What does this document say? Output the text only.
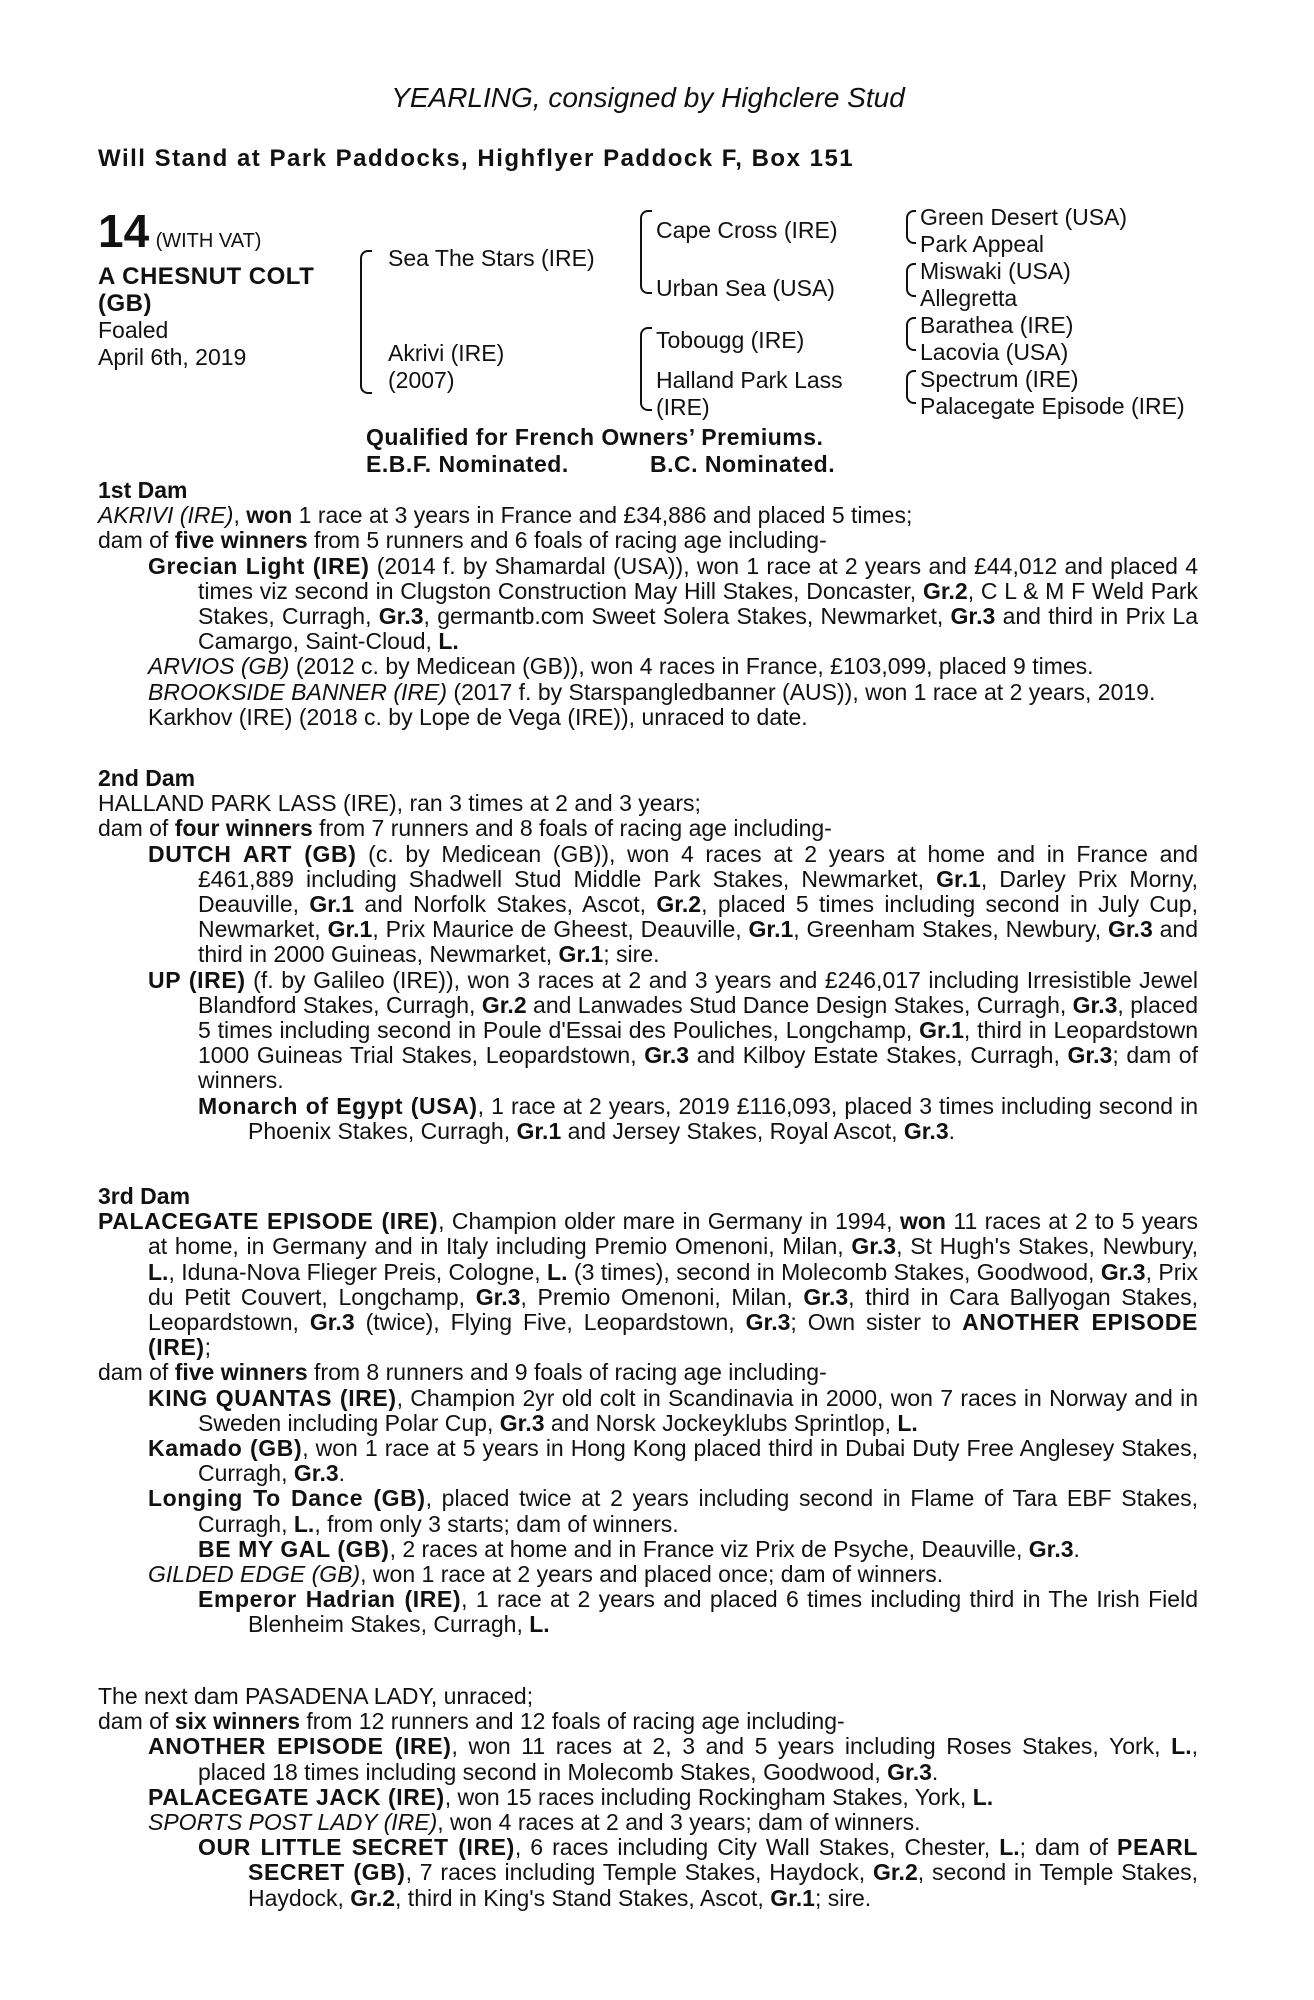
YEARLING, consigned by Highclere Stud
Will Stand at Park Paddocks, Highflyer Paddock F, Box 151
14 (WITH VAT)
A CHESNUT COLT
(GB)
Foaled
April 6th, 2019
Sea The Stars (IRE)
Akrivi (IRE)
(2007)
Cape Cross (IRE)
Urban Sea (USA)
Tobougg (IRE)
Halland Park Lass
(IRE)
Green Desert (USA)
Park Appeal
Miswaki (USA)
Allegretta
Barathea (IRE)
Lacovia (USA)
Spectrum (IRE)
Palacegate Episode (IRE)
Qualified for French Owners’ Premiums.
E.B.F. Nominated.	B.C. Nominated.

1st Dam

AKRIVI (IRE), won 1 race at 3 years in France and £34,886 and placed 5 times;

dam of five winners from 5 runners and 6 foals of racing age including-

Grecian Light (IRE) (2014 f. by Shamardal (USA)), won 1 race at 2 years and £44,012 and placed 4 times viz second in Clugston Construction May Hill Stakes, Doncaster, Gr.2, C L & M F Weld Park Stakes, Curragh, Gr.3, germantb.com Sweet Solera Stakes, Newmarket, Gr.3 and third in Prix La Camargo, Saint-Cloud, L.

ARVIOS (GB) (2012 c. by Medicean (GB)), won 4 races in France, £103,099, placed 9 times.

BROOKSIDE BANNER (IRE) (2017 f. by Starspangledbanner (AUS)), won 1 race at 2 years, 2019.

Karkhov (IRE) (2018 c. by Lope de Vega (IRE)), unraced to date.

2nd Dam

HALLAND PARK LASS (IRE), ran 3 times at 2 and 3 years;

dam of four winners from 7 runners and 8 foals of racing age including-

DUTCH ART (GB) (c. by Medicean (GB)), won 4 races at 2 years at home and in France and £461,889 including Shadwell Stud Middle Park Stakes, Newmarket, Gr.1, Darley Prix Morny, Deauville, Gr.1 and Norfolk Stakes, Ascot, Gr.2, placed 5 times including second in July Cup, Newmarket, Gr.1, Prix Maurice de Gheest, Deauville, Gr.1, Greenham Stakes, Newbury, Gr.3 and third in 2000 Guineas, Newmarket, Gr.1; sire.

UP (IRE) (f. by Galileo (IRE)), won 3 races at 2 and 3 years and £246,017 including Irresistible Jewel Blandford Stakes, Curragh, Gr.2 and Lanwades Stud Dance Design Stakes, Curragh, Gr.3, placed 5 times including second in Poule d'Essai des Pouliches, Longchamp, Gr.1, third in Leopardstown 1000 Guineas Trial Stakes, Leopardstown, Gr.3 and Kilboy Estate Stakes, Curragh, Gr.3; dam of winners.

Monarch of Egypt (USA), 1 race at 2 years, 2019 £116,093, placed 3 times including second in Phoenix Stakes, Curragh, Gr.1 and Jersey Stakes, Royal Ascot, Gr.3.

3rd Dam

PALACEGATE EPISODE (IRE), Champion older mare in Germany in 1994, won 11 races at 2 to 5 years at home, in Germany and in Italy including Premio Omenoni, Milan, Gr.3, St Hugh's Stakes, Newbury, L., Iduna-Nova Flieger Preis, Cologne, L. (3 times), second in Molecomb Stakes, Goodwood, Gr.3, Prix du Petit Couvert, Longchamp, Gr.3, Premio Omenoni, Milan, Gr.3, third in Cara Ballyogan Stakes, Leopardstown, Gr.3 (twice), Flying Five, Leopardstown, Gr.3; Own sister to ANOTHER EPISODE (IRE);

dam of five winners from 8 runners and 9 foals of racing age including-

KING QUANTAS (IRE), Champion 2yr old colt in Scandinavia in 2000, won 7 races in Norway and in Sweden including Polar Cup, Gr.3 and Norsk Jockeyklubs Sprintlop, L.

Kamado (GB), won 1 race at 5 years in Hong Kong placed third in Dubai Duty Free Anglesey Stakes, Curragh, Gr.3.

Longing To Dance (GB), placed twice at 2 years including second in Flame of Tara EBF Stakes, Curragh, L., from only 3 starts; dam of winners.

BE MY GAL (GB), 2 races at home and in France viz Prix de Psyche, Deauville, Gr.3.

GILDED EDGE (GB), won 1 race at 2 years and placed once; dam of winners.

Emperor Hadrian (IRE), 1 race at 2 years and placed 6 times including third in The Irish Field Blenheim Stakes, Curragh, L.

The next dam PASADENA LADY, unraced;

dam of six winners from 12 runners and 12 foals of racing age including-

ANOTHER EPISODE (IRE), won 11 races at 2, 3 and 5 years including Roses Stakes, York, L., placed 18 times including second in Molecomb Stakes, Goodwood, Gr.3.

PALACEGATE JACK (IRE), won 15 races including Rockingham Stakes, York, L.

SPORTS POST LADY (IRE), won 4 races at 2 and 3 years; dam of winners.

OUR LITTLE SECRET (IRE), 6 races including City Wall Stakes, Chester, L.; dam of PEARL SECRET (GB), 7 races including Temple Stakes, Haydock, Gr.2, second in Temple Stakes, Haydock, Gr.2, third in King's Stand Stakes, Ascot, Gr.1; sire.
